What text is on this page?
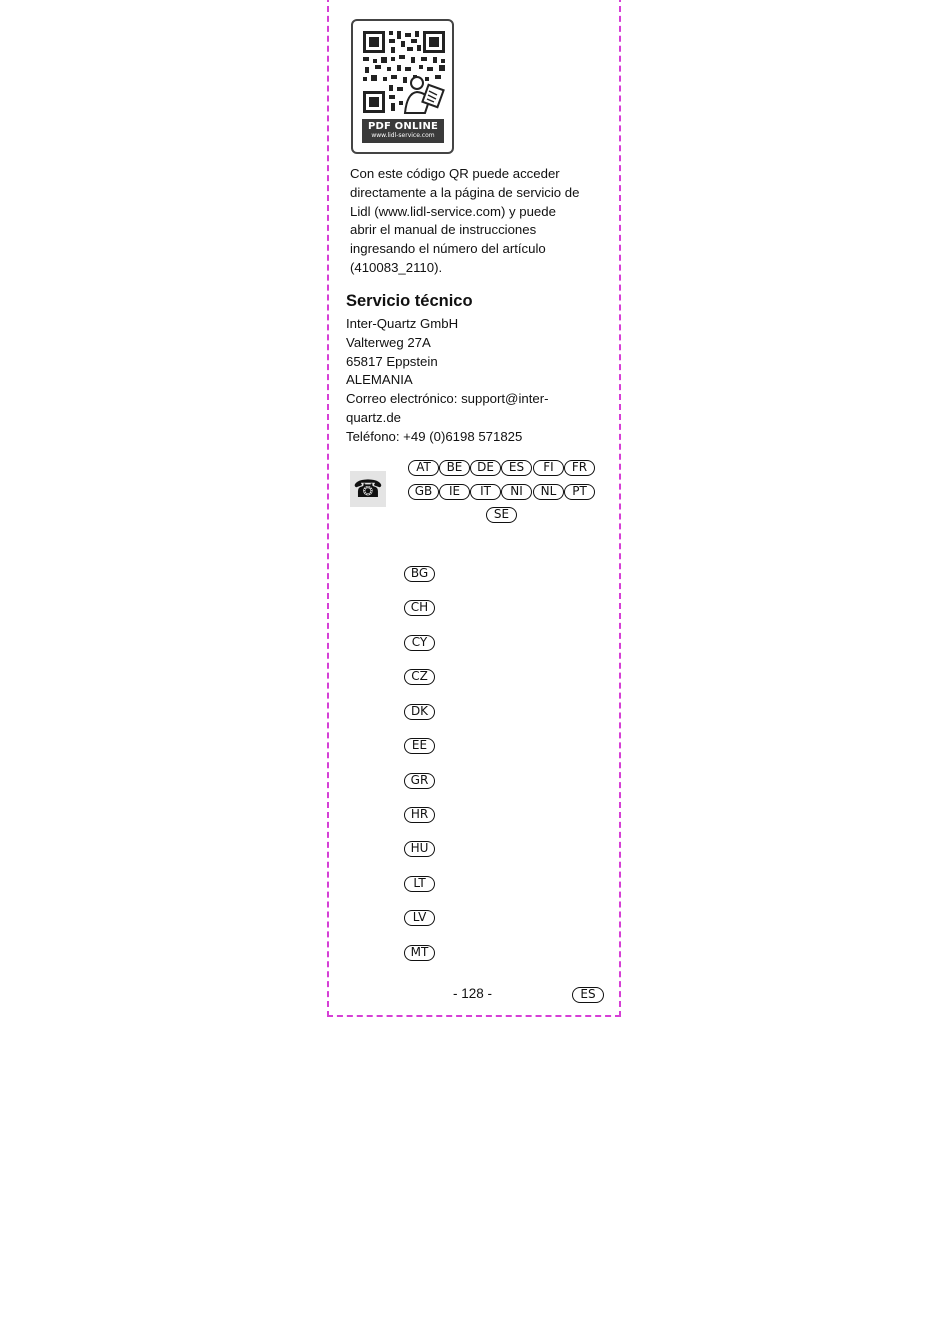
PDF ONLINE
www.lidl-service.com
Con este código QR puede acceder
directamente a la página de servicio de
Lidl (www.lidl-service.com) y puede
abrir el manual de instrucciones
ingresando el número del artículo
(410083_2110).
Servicio técnico
Inter-Quartz GmbH
Valterweg 27A
65817 Eppstein
ALEMANIA
Correo electrónico: support@inter-
quartz.de
Teléfono: +49 (0)6198 571825
☎
AT	BE	DE	ES	FI	FR
GB	IE	IT	NI	NL	PT
SE
BG
CH
CY
CZ
DK
EE
GR
HR
HU
LT
LV
MT
- 128 -	ES
